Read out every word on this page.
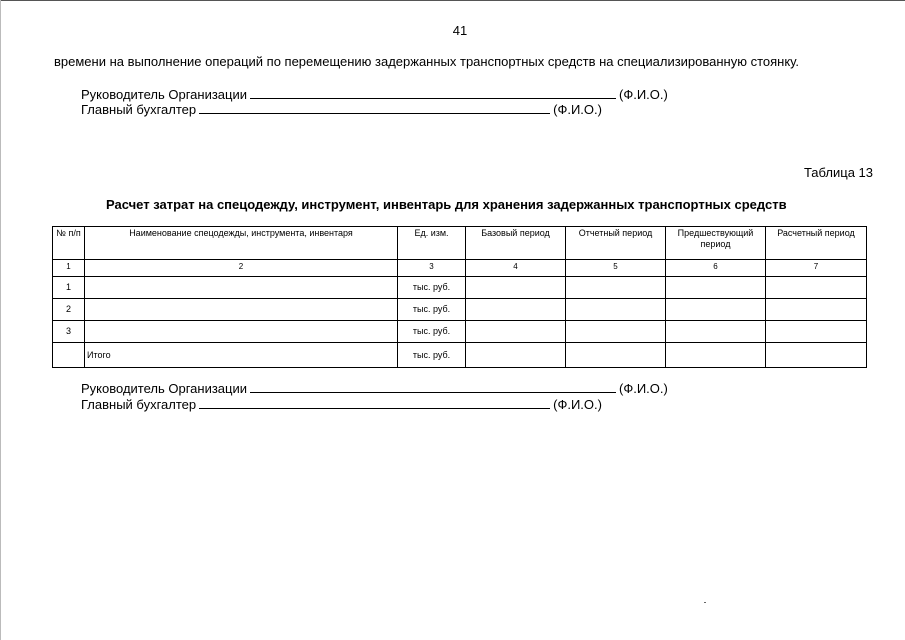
41
времени на выполнение операций по перемещению задержанных транспортных средств на специализированную стоянку.
Руководитель Организации	(Ф.И.О.)
Главный бухгалтер	(Ф.И.О.)
Таблица 13
Расчет затрат на спецодежду, инструмент, инвентарь для хранения задержанных транспортных средств
№ п/п	Наименование спецодежды, инструмента, инвентаря	Ед. изм.	Базовый период	Отчетный период	Предшествующий период	Расчетный период
1	2	3	4	5	6	7
1		тыс. руб.				
2		тыс. руб.				
3		тыс. руб.				
	Итого	тыс. руб.				
Руководитель Организации	(Ф.И.О.)
Главный бухгалтер	(Ф.И.О.)
